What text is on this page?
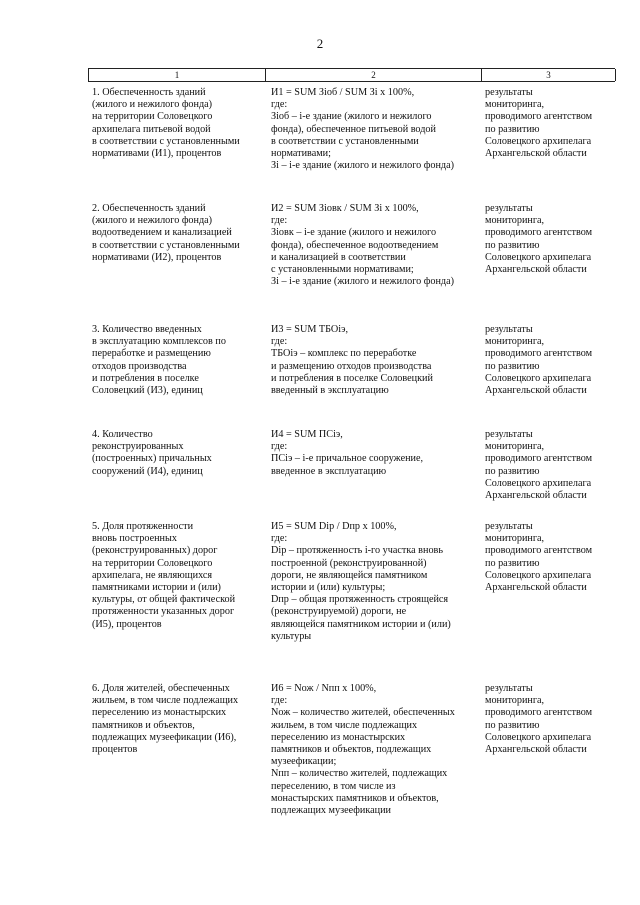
2
1	2	3
1. Обеспеченность зданий
(жилого и нежилого фонда)
на территории Соловецкого
архипелага питьевой водой
в соответствии с установленными
нормативами (И1), процентов
И1 = SUM Зiоб / SUM Зi x 100%,
где:
Зiоб – i-е здание (жилого и нежилого
фонда), обеспеченное питьевой водой
в соответствии с установленными
нормативами;
Зi – i-е здание (жилого и нежилого фонда)
результаты
мониторинга,
проводимого агентством
по развитию
Соловецкого архипелага
Архангельской области
2. Обеспеченность зданий
(жилого и нежилого фонда)
водоотведением и канализацией
в соответствии с установленными
нормативами (И2), процентов
И2 = SUM Зiовк / SUM Зi x 100%,
где:
Зiовк – i-е здание (жилого и нежилого
фонда), обеспеченное водоотведением
и канализацией в соответствии
с установленными нормативами;
Зi – i-е здание (жилого и нежилого фонда)
результаты
мониторинга,
проводимого агентством
по развитию
Соловецкого архипелага
Архангельской области
3. Количество введенных
в эксплуатацию комплексов по
переработке и размещению
отходов производства
и потребления в поселке
Соловецкий (И3), единиц
И3 = SUM ТБОiэ,
где:
ТБОiэ – комплекс по переработке
и размещению отходов производства
и потребления в поселке Соловецкий
введенный в эксплуатацию
результаты
мониторинга,
проводимого агентством
по развитию
Соловецкого архипелага
Архангельской области
4. Количество
реконструированных
(построенных) причальных
сооружений (И4), единиц
И4 = SUM ПСiэ,
где:
ПСiэ – i-е причальное сооружение,
введенное в эксплуатацию
результаты
мониторинга,
проводимого агентством
по развитию
Соловецкого архипелага
Архангельской области
5. Доля протяженности
вновь построенных
(реконструированных) дорог
на территории Соловецкого
архипелага, не являющихся
памятниками истории и (или)
культуры, от общей фактической
протяженности указанных дорог
(И5), процентов
И5 = SUM Dip / Dпр x 100%,
где:
Dip – протяженность i-го участка вновь
построенной (реконструированной)
дороги, не являющейся памятником
истории и (или) культуры;
Dпр – общая протяженность строящейся
(реконструируемой) дороги, не
являющейся памятником истории и (или)
культуры
результаты
мониторинга,
проводимого агентством
по развитию
Соловецкого архипелага
Архангельской области
6. Доля жителей, обеспеченных
жильем, в том числе подлежащих
переселению из монастырских
памятников и объектов,
подлежащих музеефикации (И6),
процентов
И6 = Nож / Nпп x 100%,
где:
Nож – количество жителей, обеспеченных
жильем, в том числе подлежащих
переселению из монастырских
памятников и объектов, подлежащих
музеефикации;
Nпп – количество жителей, подлежащих
переселению, в том числе из
монастырских памятников и объектов,
подлежащих музеефикации
результаты
мониторинга,
проводимого агентством
по развитию
Соловецкого архипелага
Архангельской области
